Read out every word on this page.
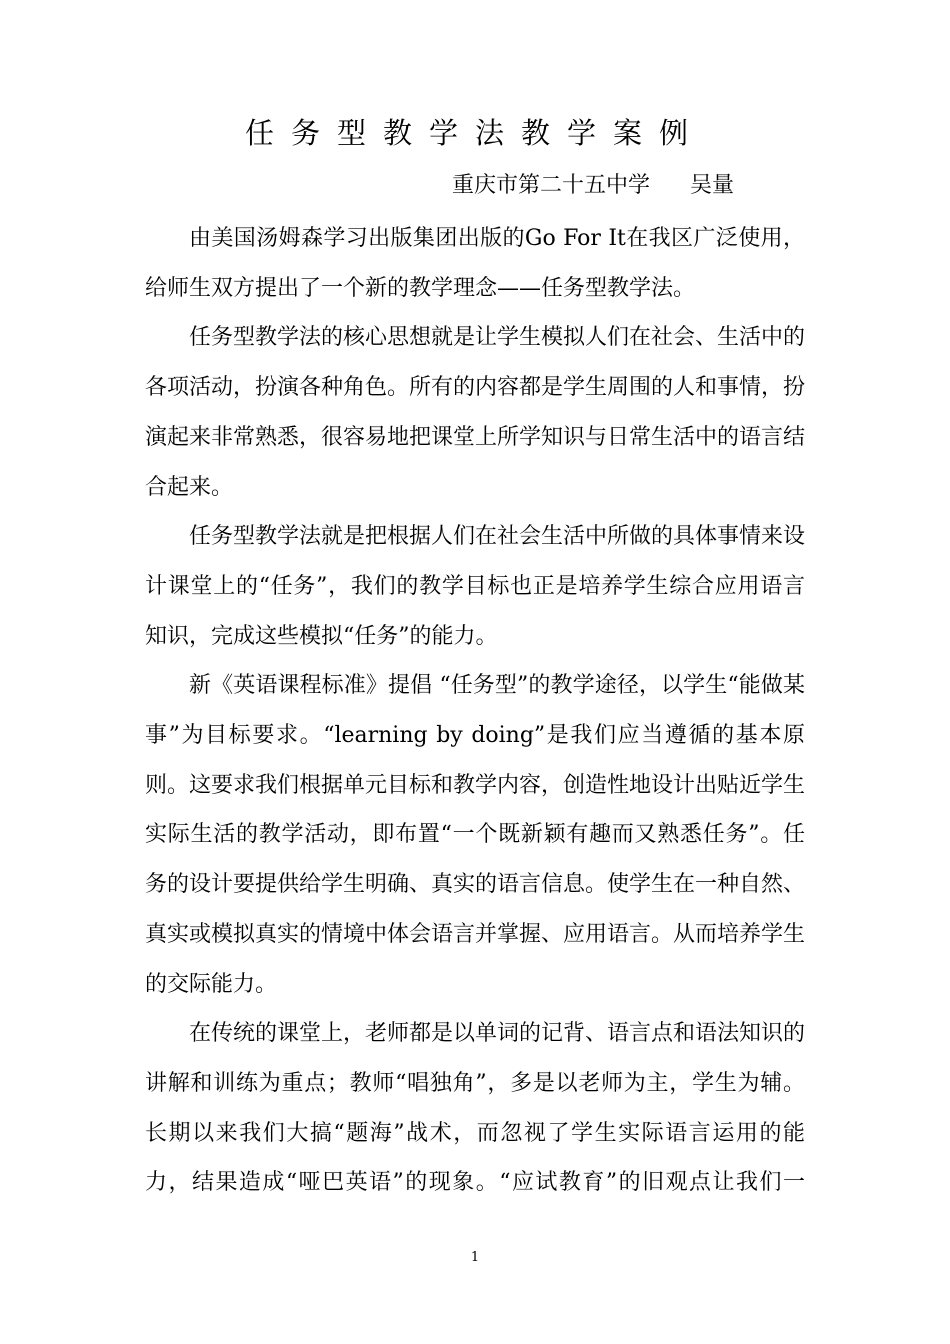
任务型教学法教学案例
重庆市第二十五中学 吴量

由美国汤姆森学习出版集团出版的Go For It在我区广泛使用，给师生双方提出了一个新的教学理念——任务型教学法。

任务型教学法的核心思想就是让学生模拟人们在社会、生活中的各项活动，扮演各种角色。所有的内容都是学生周围的人和事情，扮演起来非常熟悉，很容易地把课堂上所学知识与日常生活中的语言结合起来。

任务型教学法就是把根据人们在社会生活中所做的具体事情来设计课堂上的“任务”，我们的教学目标也正是培养学生综合应用语言知识，完成这些模拟“任务”的能力。

新《英语课程标准》提倡 “任务型”的教学途径，以学生“能做某事”为目标要求。“learning by doing”是我们应当遵循的基本原则。这要求我们根据单元目标和教学内容，创造性地设计出贴近学生实际生活的教学活动，即布置“一个既新颖有趣而又熟悉任务”。任务的设计要提供给学生明确、真实的语言信息。使学生在一种自然、真实或模拟真实的情境中体会语言并掌握、应用语言。从而培养学生的交际能力。

在传统的课堂上，老师都是以单词的记背、语言点和语法知识的讲解和训练为重点；教师“唱独角”，多是以老师为主，学生为辅。长期以来我们大搞“题海”战术，而忽视了学生实际语言运用的能力，结果造成“哑巴英语”的现象。“应试教育”的旧观点让我们一

1
